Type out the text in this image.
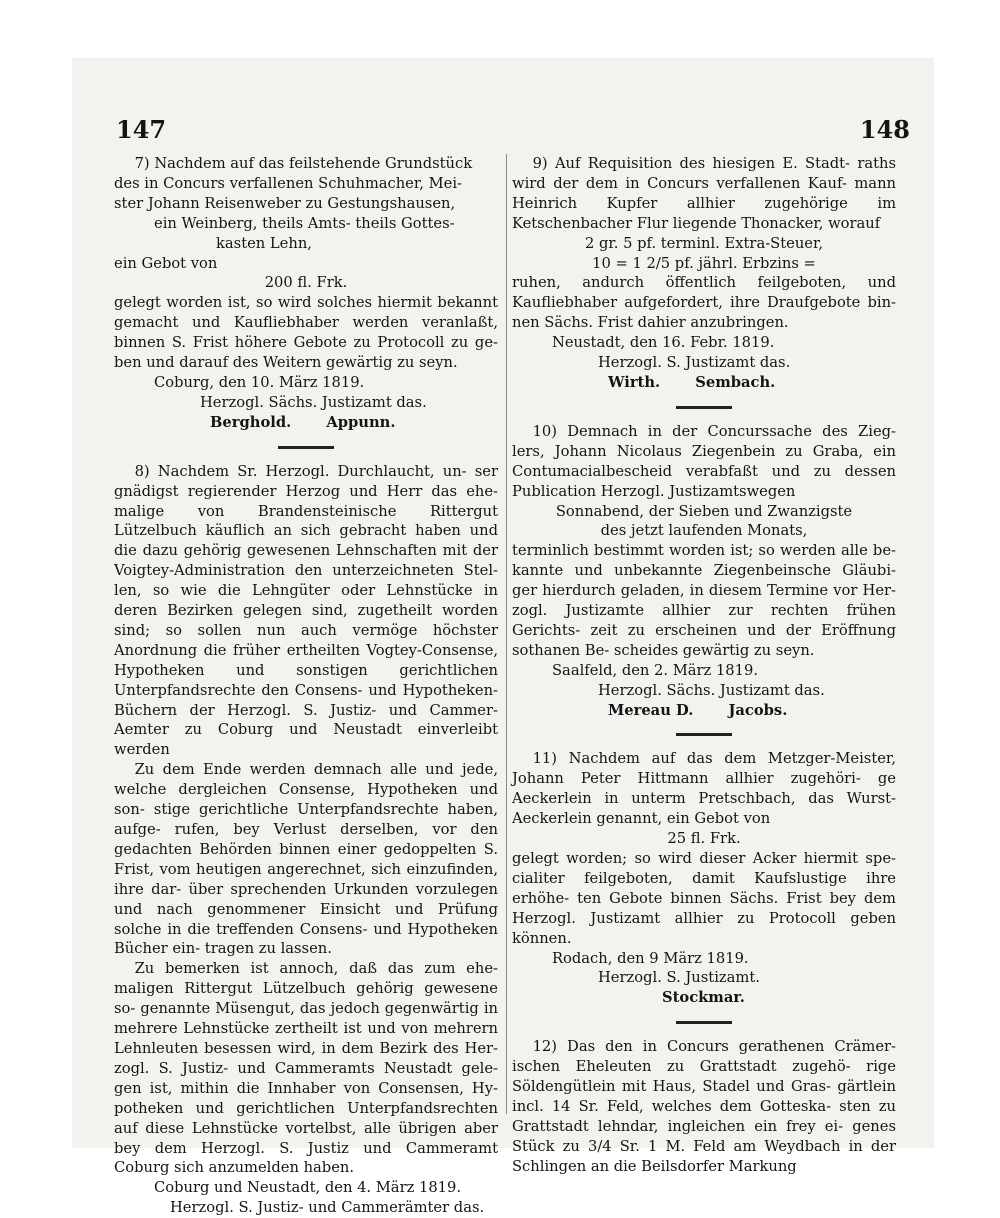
147	148
7) Nachdem auf das feilstehende Grundstück
des in Concurs verfallenen Schuhmacher, Mei-
ster Johann Reisenweber zu Gestungshausen,
ein Weinberg, theils Amts- theils Gottes-
kasten Lehn,
ein Gebot von
200 fl. Frk.
gelegt worden ist, so wird solches hiermit bekannt gemacht und Kaufliebhaber werden veranlaßt, binnen S. Frist höhere Gebote zu Protocoll zu ge- ben und darauf des Weitern gewärtig zu seyn.
Coburg, den 10. März 1819.
Herzogl. Sächs. Justizamt das.
Berghold. Appunn.
8) Nachdem Sr. Herzogl. Durchlaucht, un- ser gnädigst regierender Herzog und Herr das ehe- malige von Brandensteinische Rittergut Lützelbuch käuflich an sich gebracht haben und die dazu gehörig gewesenen Lehnschaften mit der Voigtey-Administration den unterzeichneten Stel- len, so wie die Lehngüter oder Lehnstücke in deren Bezirken gelegen sind, zugetheilt worden sind; so sollen nun auch vermöge höchster Anordnung die früher ertheilten Vogtey-Consense, Hypotheken und sonstigen gerichtlichen Unterpfandsrechte den Consens- und Hypotheken-Büchern der Herzogl. S. Justiz- und Cammer-Aemter zu Coburg und Neustadt einverleibt werden
Zu dem Ende werden demnach alle und jede, welche dergleichen Consense, Hypotheken und son- stige gerichtliche Unterpfandsrechte haben, aufge- rufen, bey Verlust derselben, vor den gedachten Behörden binnen einer gedoppelten S. Frist, vom heutigen angerechnet, sich einzufinden, ihre dar- über sprechenden Urkunden vorzulegen und nach genommener Einsicht und Prüfung solche in die treffenden Consens- und Hypotheken Bücher ein- tragen zu lassen.
Zu bemerken ist annoch, daß das zum ehe- maligen Rittergut Lützelbuch gehörig gewesene so- genannte Müsengut, das jedoch gegenwärtig in mehrere Lehnstücke zertheilt ist und von mehrern Lehnleuten besessen wird, in dem Bezirk des Her- zogl. S. Justiz- und Cammeramts Neustadt gele- gen ist, mithin die Innhaber von Consensen, Hy- potheken und gerichtlichen Unterpfandsrechten auf diese Lehnstücke vortelbst, alle übrigen aber bey dem Herzogl. S. Justiz und Cammeramt Coburg sich anzumelden haben.
Coburg und Neustadt, den 4. März 1819.
Herzogl. S. Justiz- und Cammerämter das.
9) Auf Requisition des hiesigen E. Stadt- raths wird der dem in Concurs verfallenen Kauf- mann Heinrich Kupfer allhier zugehörige im Ketschenbacher Flur liegende Thonacker, worauf
2 gr. 5 pf. terminl. Extra-Steuer,
10 = 1 2/5 pf. jährl. Erbzins =
ruhen, andurch öffentlich feilgeboten, und Kaufliebhaber aufgefordert, ihre Draufgebote bin- nen Sächs. Frist dahier anzubringen.
Neustadt, den 16. Febr. 1819.
Herzogl. S. Justizamt das.
Wirth. Sembach.
10) Demnach in der Concurssache des Zieg- lers, Johann Nicolaus Ziegenbein zu Graba, ein Contumacialbescheid verabfaßt und zu dessen Publication Herzogl. Justizamtswegen
Sonnabend, der Sieben und Zwanzigste
des jetzt laufenden Monats,
terminlich bestimmt worden ist; so werden alle be- kannte und unbekannte Ziegenbeinsche Gläubi- ger hierdurch geladen, in diesem Termine vor Her- zogl. Justizamte allhier zur rechten frühen Gerichts- zeit zu erscheinen und der Eröffnung sothanen Be- scheides gewärtig zu seyn.
Saalfeld, den 2. März 1819.
Herzogl. Sächs. Justizamt das.
Mereau D. Jacobs.
11) Nachdem auf das dem Metzger-Meister, Johann Peter Hittmann allhier zugehöri- ge Aeckerlein in unterm Pretschbach, das Wurst- Aeckerlein genannt, ein Gebot von
25 fl. Frk.
gelegt worden; so wird dieser Acker hiermit spe- cialiter feilgeboten, damit Kaufslustige ihre erhöhe- ten Gebote binnen Sächs. Frist bey dem Herzogl. Justizamt allhier zu Protocoll geben können.
Rodach, den 9 März 1819.
Herzogl. S. Justizamt.
Stockmar.
12) Das den in Concurs gerathenen Crämer- ischen Eheleuten zu Grattstadt zugehö- rige Söldengütlein mit Haus, Stadel und Gras- gärtlein incl. 14 Sr. Feld, welches dem Gotteska- sten zu Grattstadt lehndar, ingleichen ein frey ei- genes Stück zu 3/4 Sr. 1 M. Feld am Weydbach in der Schlingen an die Beilsdorfer Markung
